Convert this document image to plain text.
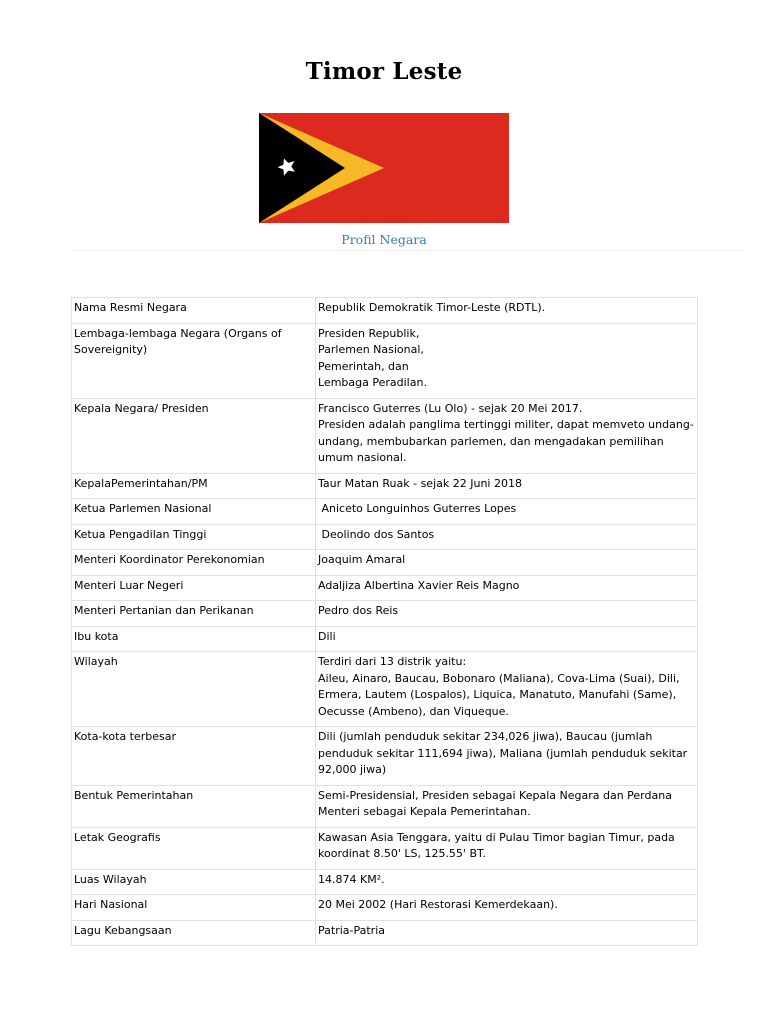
Timor Leste
Profil Negara
Nama Resmi Negara	Republik Demokratik Timor-Leste (RDTL).

Lembaga-lembaga Negara (Organs of Sovereignity)	Presiden Republik,
Parlemen Nasional,
Pemerintah, dan
Lembaga Peradilan.

Kepala Negara/ Presiden	Francisco Guterres (Lu Olo) - sejak 20 Mei 2017.
Presiden adalah panglima tertinggi militer, dapat memveto undang-
undang, membubarkan parlemen, dan mengadakan pemilihan
umum nasional.

KepalaPemerintahan/PM	Taur Matan Ruak - sejak 22 Juni 2018

Ketua Parlemen Nasional	Aniceto Longuinhos Guterres Lopes

Ketua Pengadilan Tinggi	Deolindo dos Santos

Menteri Koordinator Perekonomian	Joaquim Amaral

Menteri Luar Negeri	Adaljiza Albertina Xavier Reis Magno

Menteri Pertanian dan Perikanan	Pedro dos Reis

Ibu kota	Dili

Wilayah	Terdiri dari 13 distrik yaitu:
Aileu, Ainaro, Baucau, Bobonaro (Maliana), Cova-Lima (Suai), Dili,
Ermera, Lautem (Lospalos), Liquica, Manatuto, Manufahi (Same),
Oecusse (Ambeno), dan Viqueque.

Kota-kota terbesar	Dili (jumlah penduduk sekitar 234,026 jiwa), Baucau (jumlah
penduduk sekitar 111,694 jiwa), Maliana (jumlah penduduk sekitar
92,000 jiwa)

Bentuk Pemerintahan	Semi-Presidensial, Presiden sebagai Kepala Negara dan Perdana
Menteri sebagai Kepala Pemerintahan.

Letak Geografis	Kawasan Asia Tenggara, yaitu di Pulau Timor bagian Timur, pada
koordinat 8.50' LS, 125.55' BT.

Luas Wilayah	14.874 KM².

Hari Nasional	20 Mei 2002 (Hari Restorasi Kemerdekaan).

Lagu Kebangsaan	Patria-Patria
